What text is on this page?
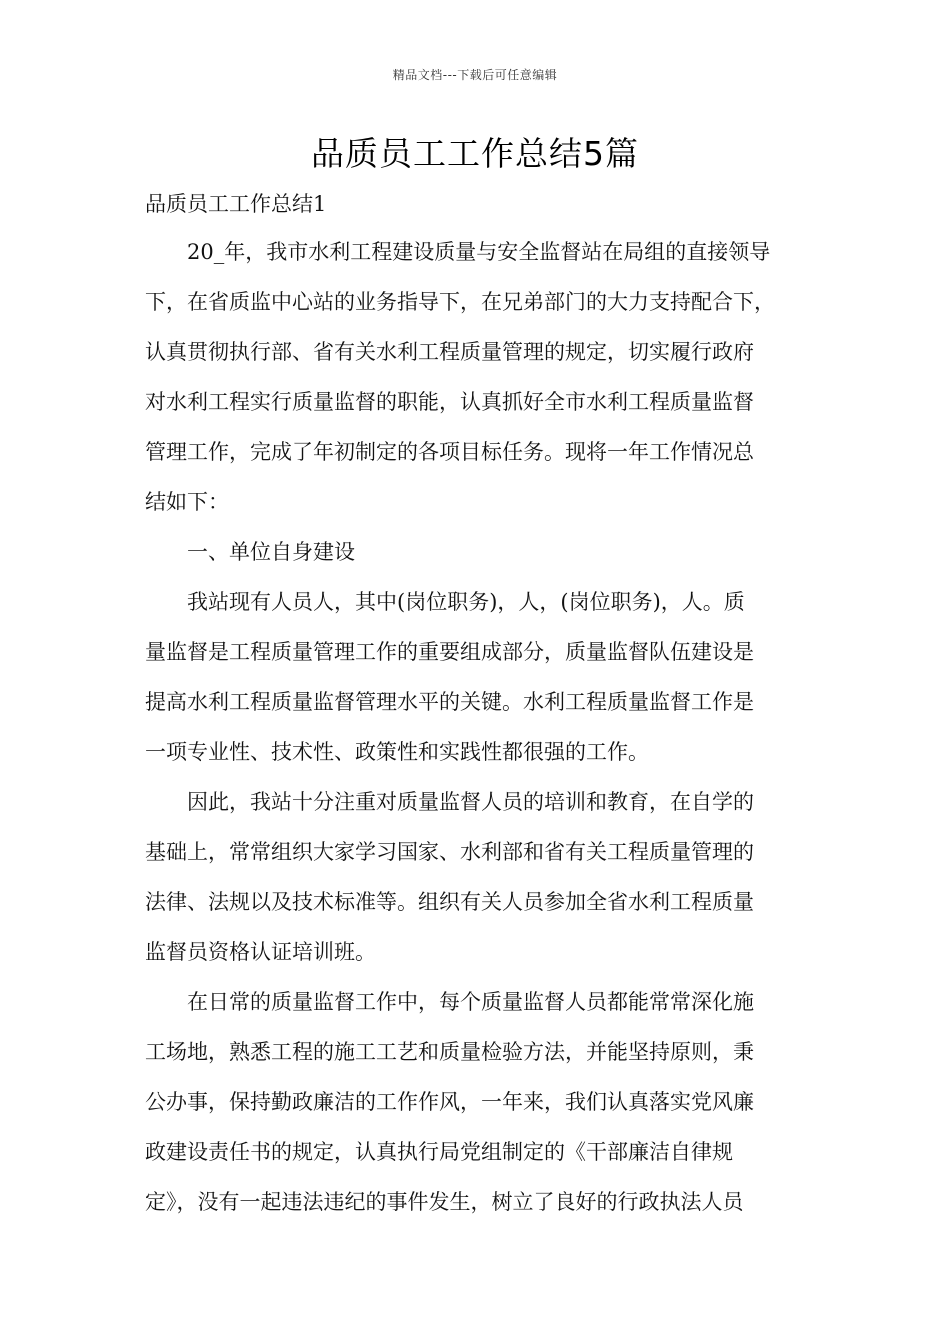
精品文档---下载后可任意编辑
品质员工工作总结5篇
品质员工工作总结1
　　20_年，我市水利工程建设质量与安全监督站在局组的直接领导
下，在省质监中心站的业务指导下，在兄弟部门的大力支持配合下，
认真贯彻执行部、省有关水利工程质量管理的规定，切实履行政府
对水利工程实行质量监督的职能，认真抓好全市水利工程质量监督
管理工作，完成了年初制定的各项目标任务。现将一年工作情况总
结如下：
　　一、单位自身建设
　　我站现有人员人，其中(岗位职务)，人，(岗位职务)，人。质
量监督是工程质量管理工作的重要组成部分，质量监督队伍建设是
提高水利工程质量监督管理水平的关键。水利工程质量监督工作是
一项专业性、技术性、政策性和实践性都很强的工作。
　　因此，我站十分注重对质量监督人员的培训和教育，在自学的
基础上，常常组织大家学习国家、水利部和省有关工程质量管理的
法律、法规以及技术标准等。组织有关人员参加全省水利工程质量
监督员资格认证培训班。
　　在日常的质量监督工作中，每个质量监督人员都能常常深化施
工场地，熟悉工程的施工工艺和质量检验方法，并能坚持原则，秉
公办事，保持勤政廉洁的工作作风，一年来，我们认真落实党风廉
政建设责任书的规定，认真执行局党组制定的《干部廉洁自律规
定》，没有一起违法违纪的事件发生，树立了良好的行政执法人员
